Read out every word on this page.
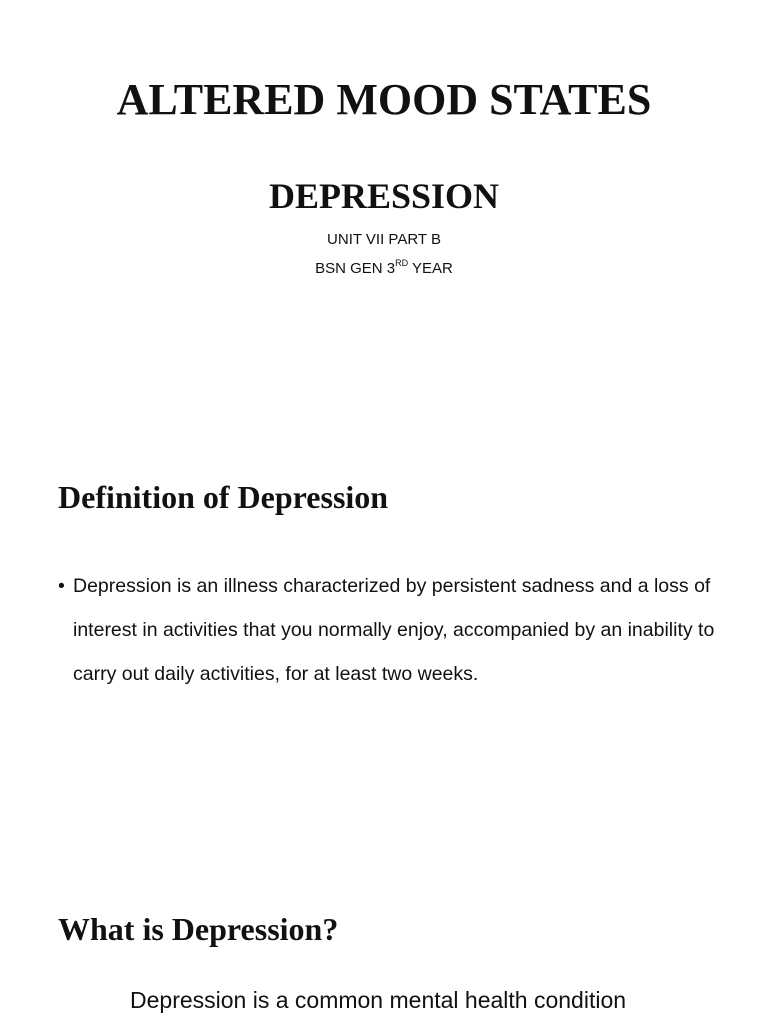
ALTERED MOOD STATES
DEPRESSION
UNIT VII PART B
BSN GEN 3RD YEAR
Definition of Depression
• Depression is an illness characterized by persistent sadness and a loss of interest in activities that you normally enjoy, accompanied by an inability to carry out daily activities, for at least two weeks.
What is Depression?

Depression is a common mental health condition
